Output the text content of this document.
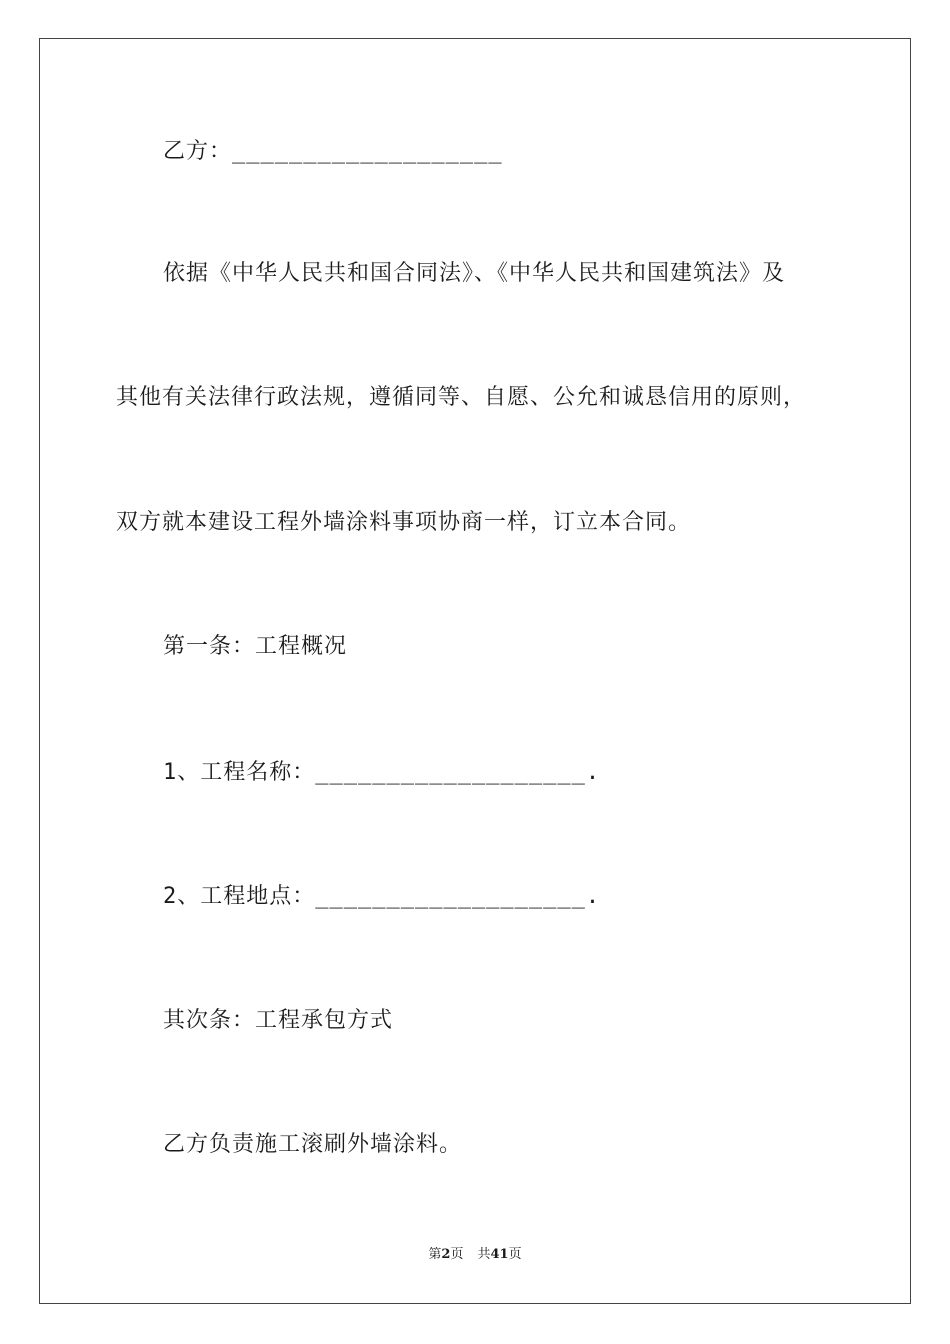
乙方：___________________
依据《中华人民共和国合同法》、《中华人民共和国建筑法》及
其他有关法律行政法规，遵循同等、自愿、公允和诚恳信用的原则，
双方就本建设工程外墙涂料事项协商一样，订立本合同。
第一条：工程概况
1、工程名称：___________________.
2、工程地点：___________________.
其次条：工程承包方式
乙方负责施工滚刷外墙涂料。
第2页 共41页
